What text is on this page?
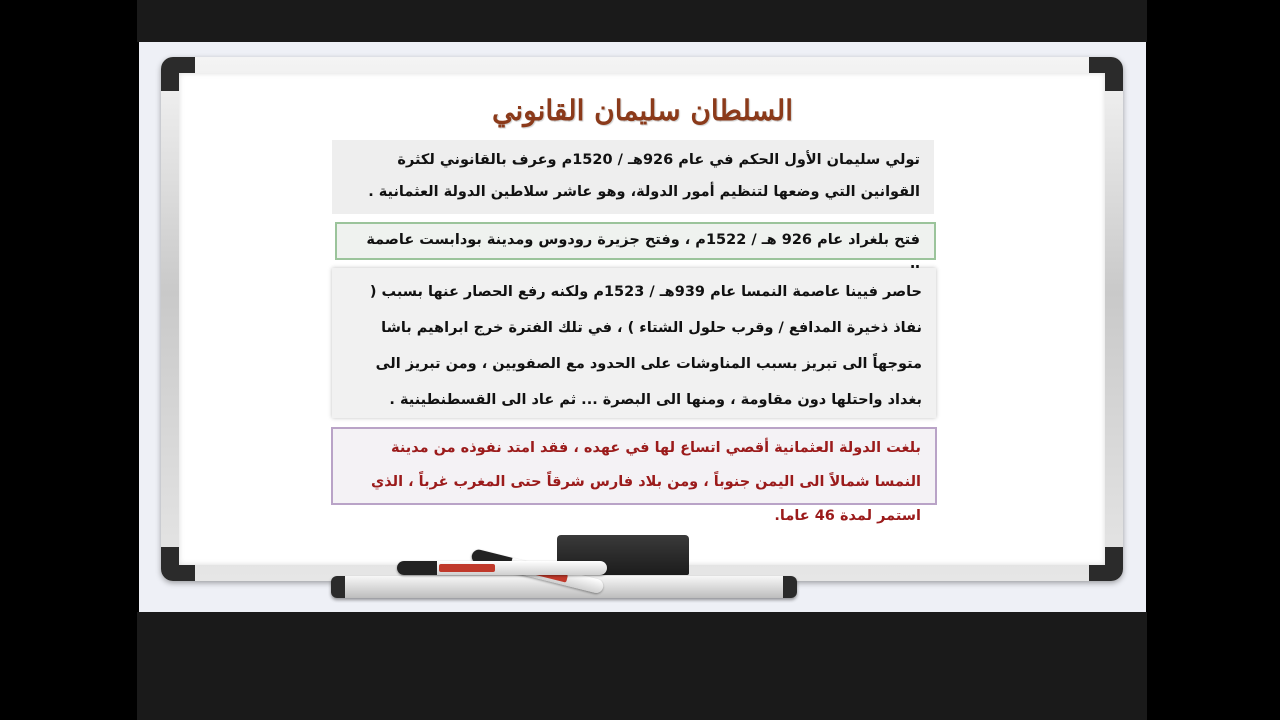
السلطان سليمان القانوني
تولي سليمان الأول الحكم في عام 926هـ / 1520م وعرف بالقانوني لكثرة القوانين التي وضعها لتنظيم أمور الدولة، وهو عاشر سلاطين الدولة العثمانية .
فتح بلغراد عام 926 هـ / 1522م ، وفتح جزيرة رودوس ومدينة بودابست عاصمة
حاصر فيينا عاصمة النمسا عام 939هـ / 1523م ولكنه رفع الحصار عنها بسبب ( نفاذ ذخيرة المدافع / وقرب حلول الشتاء ) ، في تلك الفترة خرج ابراهيم باشا متوجهاً الى تبريز بسبب المناوشات على الحدود مع الصفويين ، ومن تبريز الى بغداد واحتلها دون مقاومة ، ومنها الى البصرة ... ثم عاد الى القسطنطينية .
بلغت الدولة العثمانية أقصي اتساع لها في عهده ، فقد امتد نفوذه من مدينة النمسا شمالاً الى اليمن جنوباً ، ومن بلاد فارس شرقاً حتى المغرب غرباً ، الذي استمر لمدة 46 عاما.
